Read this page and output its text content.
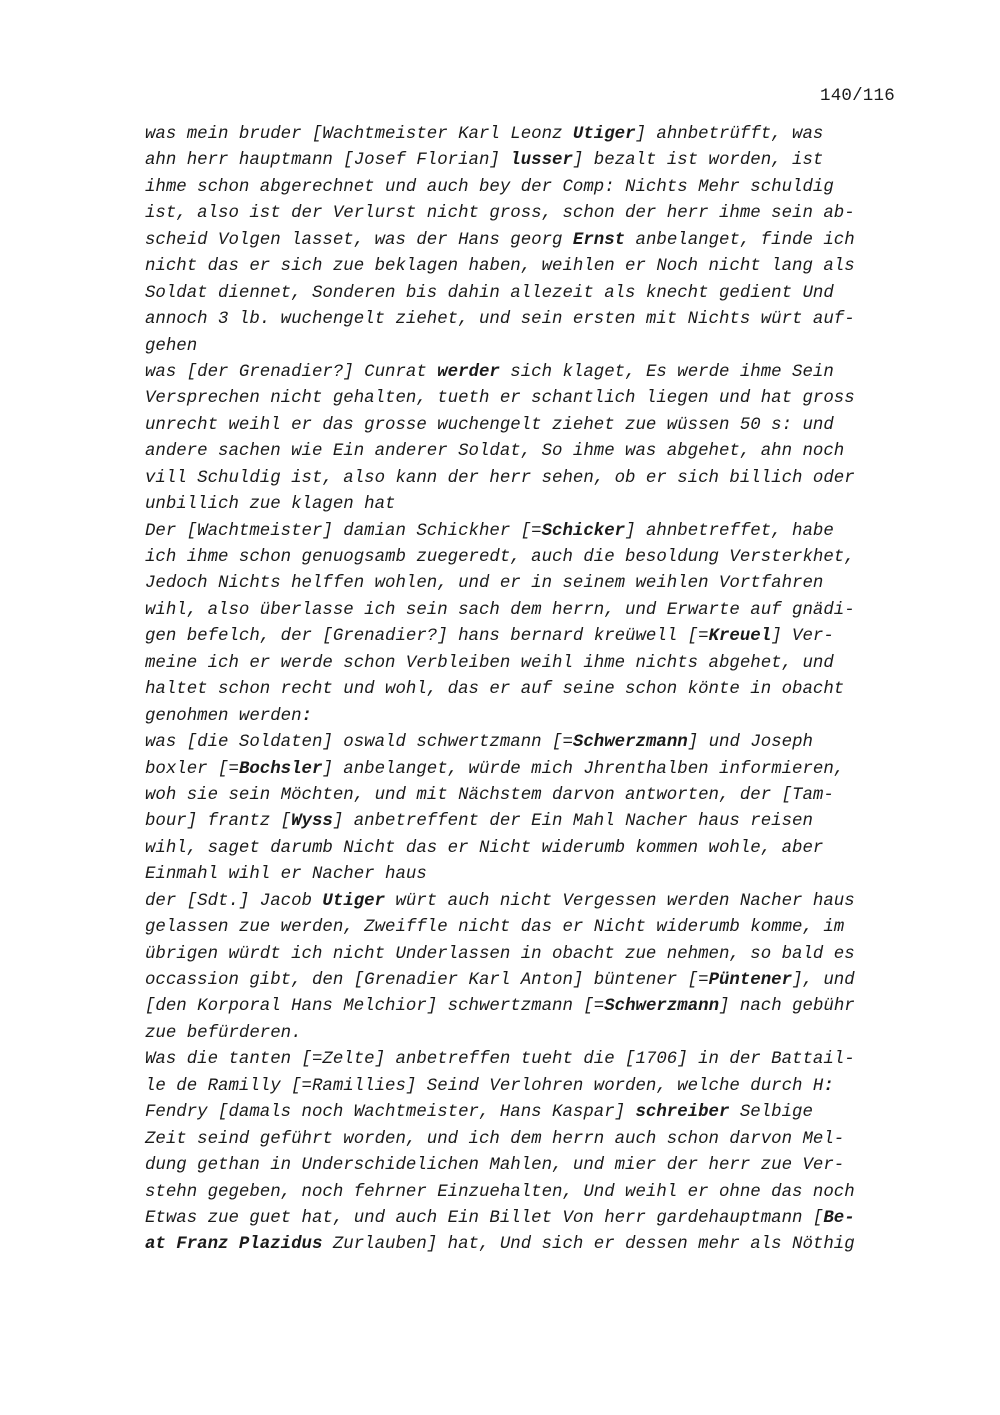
140/116
was mein bruder [Wachtmeister Karl Leonz Utiger] ahnbetrüfft, was
ahn herr hauptmann [Josef Florian] lusser] bezalt ist worden, ist
ihme schon abgerechnet und auch bey der Comp: Nichts Mehr schuldig
ist, also ist der Verlurst nicht gross, schon der herr ihme sein ab-
scheid Volgen lasset, was der Hans georg Ernst anbelanget, finde ich
nicht das er sich zue beklagen haben, weihlen er Noch nicht lang als
Soldat diennet, Sonderen bis dahin allezeit als knecht gedient Und
annoch 3 lb. wuchengelt ziehet, und sein ersten mit Nichts würt auf-
gehen
was [der Grenadier?] Cunrat werder sich klaget, Es werde ihme Sein
Versprechen nicht gehalten, tueth er schantlich liegen und hat gross
unrecht weihl er das grosse wuchengelt ziehet zue wüssen 50 s: und
andere sachen wie Ein anderer Soldat, So ihme was abgehet, ahn noch
vill Schuldig ist, also kann der herr sehen, ob er sich billich oder
unbillich zue klagen hat
Der [Wachtmeister] damian Schickher [=Schicker] ahnbetreffet, habe
ich ihme schon genuogsamb zuegeredt, auch die besoldung Versterkhet,
Jedoch Nichts helffen wohlen, und er in seinem weihlen Vortfahren
wihl, also überlasse ich sein sach dem herrn, und Erwarte auf gnädi-
gen befelch, der [Grenadier?] hans bernard kreüwell [=Kreuel] Ver-
meine ich er werde schon Verbleiben weihl ihme nichts abgehet, und
haltet schon recht und wohl, das er auf seine schon könte in obacht
genohmen werden:
was [die Soldaten] oswald schwertzmann [=Schwerzmann] und Joseph
boxler [=Bochsler] anbelanget, würde mich Jhrenthalben informieren,
woh sie sein Möchten, und mit Nächstem darvon antworten, der [Tam-
bour] frantz [Wyss] anbetreffent der Ein Mahl Nacher haus reisen
wihl, saget darumb Nicht das er Nicht widerumb kommen wohle, aber
Einmahl wihl er Nacher haus
der [Sdt.] Jacob Utiger würt auch nicht Vergessen werden Nacher haus
gelassen zue werden, Zweiffle nicht das er Nicht widerumb komme, im
übrigen würdt ich nicht Underlassen in obacht zue nehmen, so bald es
occassion gibt, den [Grenadier Karl Anton] büntener [=Püntener], und
[den Korporal Hans Melchior] schwertzmann [=Schwerzmann] nach gebühr
zue befürderen.
Was die tanten [=Zelte] anbetreffen tueht die [1706] in der Battail-
le de Ramilly [=Ramillies] Seind Verlohren worden, welche durch H:
Fendry [damals noch Wachtmeister, Hans Kaspar] schreiber Selbige
Zeit seind geführt worden, und ich dem herrn auch schon darvon Mel-
dung gethan in Underschidelichen Mahlen, und mier der herr zue Ver-
stehn gegeben, noch fehrner Einzuehalten, Und weihl er ohne das noch
Etwas zue guet hat, und auch Ein Billet Von herr gardehauptmann [Be-
at Franz Plazidus Zurlauben] hat, Und sich er dessen mehr als Nöthig
